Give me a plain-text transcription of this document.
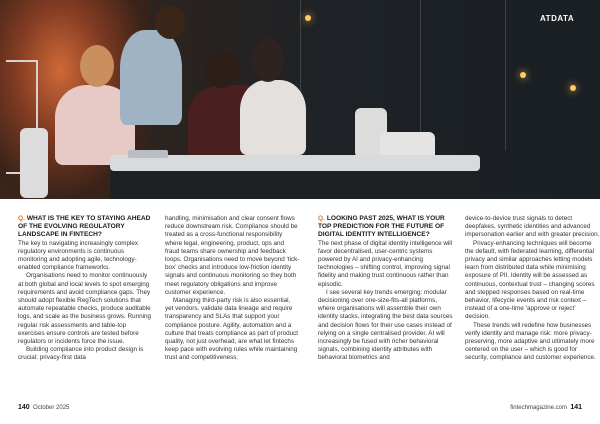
ATDATA

Q. WHAT IS THE KEY TO STAYING AHEAD OF THE EVOLVING REGULATORY LANDSCAPE IN FINTECH?

The key to navigating increasingly complex regulatory environments is continuous monitoring and adopting agile, technology-enabled compliance frameworks.

Organisations need to monitor continuously at both global and local levels to spot emerging requirements and avoid compliance gaps. They should adopt flexible RegTech solutions that automate repeatable checks, produce auditable logs, and scale as the business grows. Running regular risk assessments and table-top exercises ensure controls are tested before regulators or incidents force the issue.

Building compliance into product design is crucial: privacy-first data

handling, minimisation and clear consent flows reduce downstream risk. Compliance should be treated as a cross-functional responsibility where legal, engineering, product, ops and fraud teams share ownership and feedback loops. Organisations need to move beyond ‘tick-box’ checks and introduce low-friction identity signals and continuous monitoring so they both meet regulatory obligations and improve customer experience.

Managing third-party risk is also essential, yet vendors, validate data lineage and require transparency and SLAs that support your compliance posture. Agility, automation and a culture that treats compliance as part of product quality, not just overhead, are what let fintechs keep pace with evolving rules while maintaining trust and competitiveness.

Q. LOOKING PAST 2025, WHAT IS YOUR TOP PREDICTION FOR THE FUTURE OF DIGITAL IDENTITY INTELLIGENCE?

The next phase of digital identity intelligence will favor decentralised, user-centric systems powered by AI and privacy-enhancing technologies – shifting control, improving signal fidelity and making trust continuous rather than episodic.

I see several key trends emerging: modular decisioning over one-size-fits-all platforms, where organisations will assemble their own identity stacks, integrating the best data sources and decision flows for their use cases instead of relying on a single centralised provider. AI will increasingly be fused with richer behavioral signals, combining identity attributes with behavioral biometrics and

device-to-device trust signals to detect deepfakes, synthetic identities and advanced impersonation earlier and with greater precision.

Privacy-enhancing techniques will become the default, with federated learning, differential privacy and similar approaches letting models learn from distributed data while minimising exposure of PII. Identity will be assessed as continuous, contextual trust – changing scores and stepped responses based on real-time behavior, lifecycle events and risk context – instead of a one-time ‘approve or reject’ decision.

These trends will redefine how businesses verify identity and manage risk: more privacy-preserving, more adaptive and ultimately more centered on the user – which is good for security, compliance and customer experience.

140 October 2025	fintechmagazine.com 141
